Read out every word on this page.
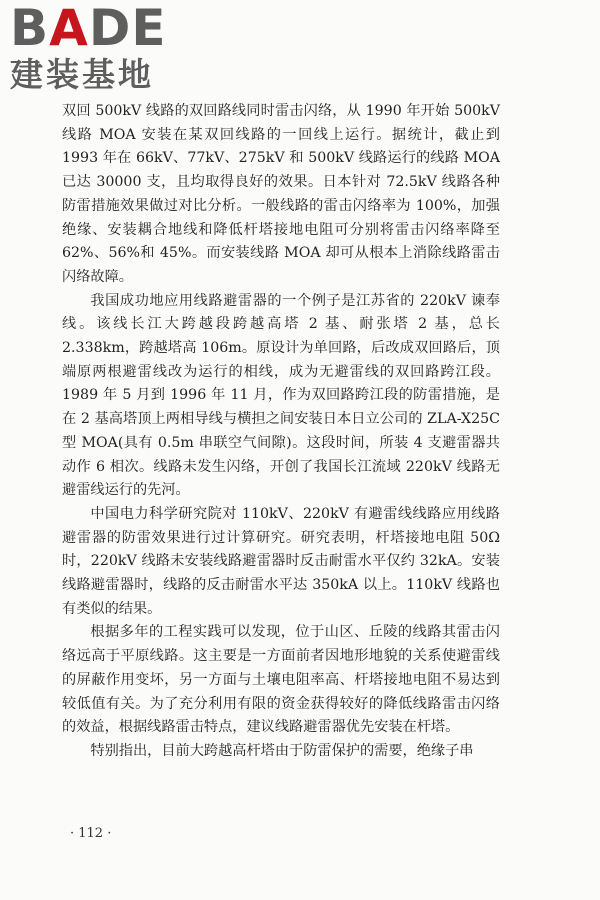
BADE
建装基地

双回 500kV 线路的双回路线同时雷击闪络，从 1990 年开始 500kV 线路 MOA 安装在某双回线路的一回线上运行。据统计，截止到 1993 年在 66kV、77kV、275kV 和 500kV 线路运行的线路 MOA 已达 30000 支，且均取得良好的效果。日本针对 72.5kV 线路各种防雷措施效果做过对比分析。一般线路的雷击闪络率为 100%，加强绝缘、安装耦合地线和降低杆塔接地电阻可分别将雷击闪络率降至 62%、56%和 45%。而安装线路 MOA 却可从根本上消除线路雷击闪络故障。

我国成功地应用线路避雷器的一个例子是江苏省的 220kV 谏奉线。该线长江大跨越段跨越高塔 2 基、耐张塔 2 基，总长 2.338km，跨越塔高 106m。原设计为单回路，后改成双回路后，顶端原两根避雷线改为运行的相线，成为无避雷线的双回路跨江段。1989 年 5 月到 1996 年 11 月，作为双回路跨江段的防雷措施，是在 2 基高塔顶上两相导线与横担之间安装日本日立公司的 ZLA-X25C 型 MOA(具有 0.5m 串联空气间隙)。这段时间，所装 4 支避雷器共动作 6 相次。线路未发生闪络，开创了我国长江流域 220kV 线路无避雷线运行的先河。

中国电力科学研究院对 110kV、220kV 有避雷线线路应用线路避雷器的防雷效果进行过计算研究。研究表明，杆塔接地电阻 50Ω 时，220kV 线路未安装线路避雷器时反击耐雷水平仅约 32kA。安装线路避雷器时，线路的反击耐雷水平达 350kA 以上。110kV 线路也有类似的结果。

根据多年的工程实践可以发现，位于山区、丘陵的线路其雷击闪络远高于平原线路。这主要是一方面前者因地形地貌的关系使避雷线的屏蔽作用变坏，另一方面与土壤电阻率高、杆塔接地电阻不易达到较低值有关。为了充分利用有限的资金获得较好的降低线路雷击闪络的效益，根据线路雷击特点，建议线路避雷器优先安装在杆塔。

特别指出，目前大跨越高杆塔由于防雷保护的需要，绝缘子串

· 112 ·
